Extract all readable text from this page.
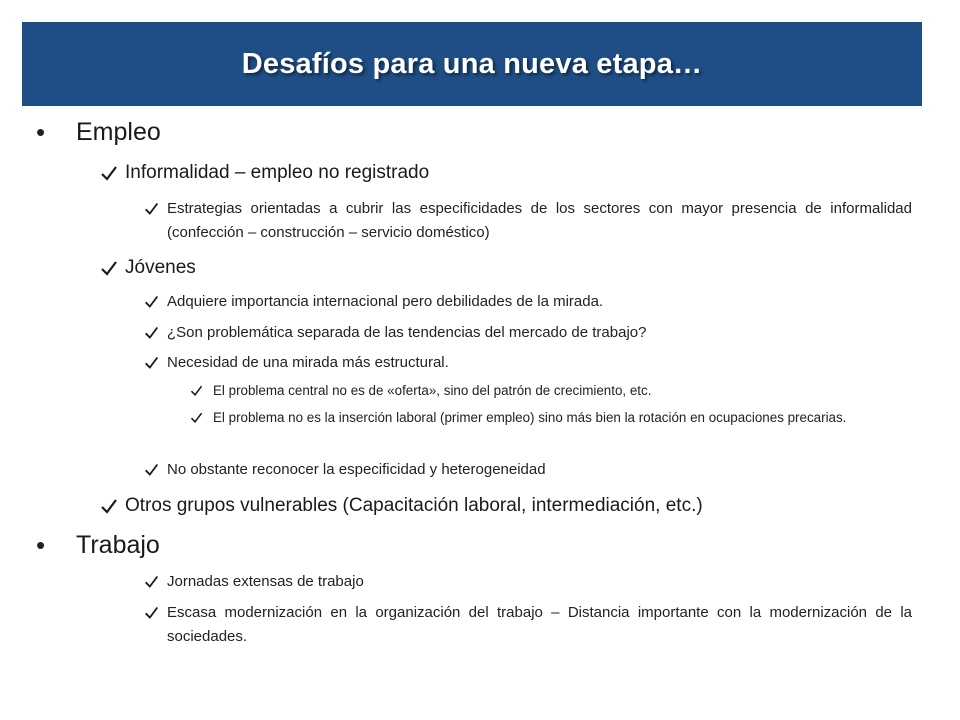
Desafíos para una nueva etapa…
•	Empleo
Informalidad – empleo no registrado
Estrategias orientadas a cubrir las especificidades de los sectores con mayor presencia de informalidad (confección – construcción – servicio doméstico)
Jóvenes
Adquiere importancia internacional pero debilidades de la mirada.
¿Son problemática separada de las tendencias del mercado de trabajo?
Necesidad de una mirada más estructural.
El problema central no es de «oferta», sino del patrón de crecimiento, etc.
El problema no es la inserción laboral (primer empleo) sino más bien la rotación en ocupaciones precarias.
No obstante reconocer la especificidad y heterogeneidad
Otros grupos vulnerables (Capacitación laboral, intermediación, etc.)
•	Trabajo
Jornadas extensas de trabajo
Escasa modernización en la organización del trabajo – Distancia importante con la modernización de la sociedades.
